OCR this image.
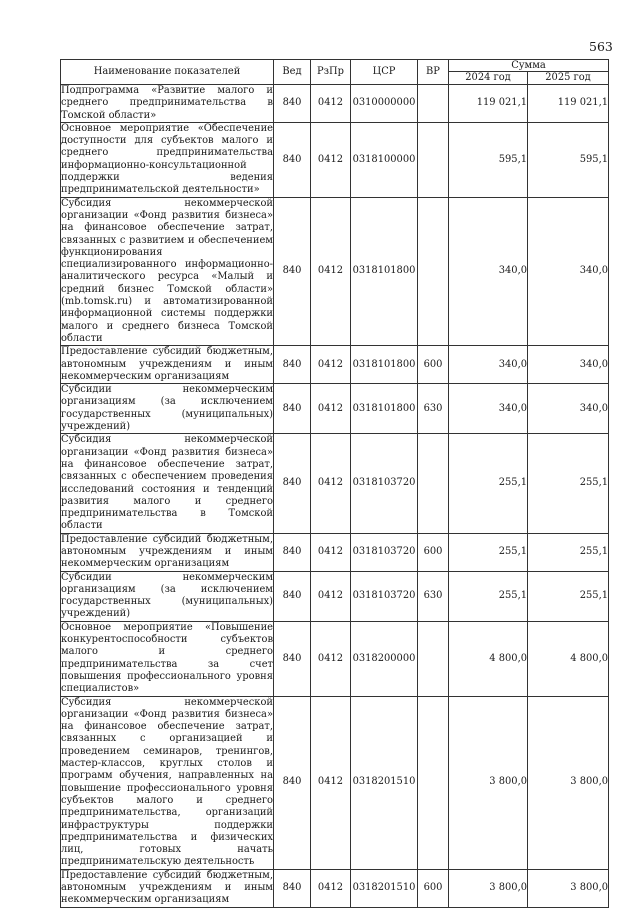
563
Наименование показателей	Вед	РзПр	ЦСР	ВР	Сумма	
					2024 год	2025 год
Подпрограмма «Развитие малого и среднего предпринимательства в Томской области»	840	0412	0310000000		119 021,1	119 021,1
Основное мероприятие «Обеспечение доступности для субъектов малого и среднего предпринимательства информационно-консультационной поддержки ведения предпринимательской деятельности»	840	0412	0318100000		595,1	595,1
Субсидия некоммерческой организации «Фонд развития бизнеса» на финансовое обеспечение затрат, связанных с развитием и обеспечением функционирования специализированного информационно-аналитического ресурса «Малый и средний бизнес Томской области» (mb.tomsk.ru) и автоматизированной информационной системы поддержки малого и среднего бизнеса Томской области	840	0412	0318101800		340,0	340,0
Предоставление субсидий бюджетным, автономным учреждениям и иным некоммерческим организациям	840	0412	0318101800	600	340,0	340,0
Субсидии некоммерческим организациям (за исключением государственных (муниципальных) учреждений)	840	0412	0318101800	630	340,0	340,0
Субсидия некоммерческой организации «Фонд развития бизнеса» на финансовое обеспечение затрат, связанных с обеспечением проведения исследований состояния и тенденций развития малого и среднего предпринимательства в Томской области	840	0412	0318103720		255,1	255,1
Предоставление субсидий бюджетным, автономным учреждениям и иным некоммерческим организациям	840	0412	0318103720	600	255,1	255,1
Субсидии некоммерческим организациям (за исключением государственных (муниципальных) учреждений)	840	0412	0318103720	630	255,1	255,1
Основное мероприятие «Повышение конкурентоспособности субъектов малого и среднего предпринимательства за счет повышения профессионального уровня специалистов»	840	0412	0318200000		4 800,0	4 800,0
Субсидия некоммерческой организации «Фонд развития бизнеса» на финансовое обеспечение затрат, связанных с организацией и проведением семинаров, тренингов, мастер-классов, круглых столов и программ обучения, направленных на повышение профессионального уровня субъектов малого и среднего предпринимательства, организаций инфраструктуры поддержки предпринимательства и физических лиц, готовых начать предпринимательскую деятельность	840	0412	0318201510		3 800,0	3 800,0
Предоставление субсидий бюджетным, автономным учреждениям и иным некоммерческим организациям	840	0412	0318201510	600	3 800,0	3 800,0
